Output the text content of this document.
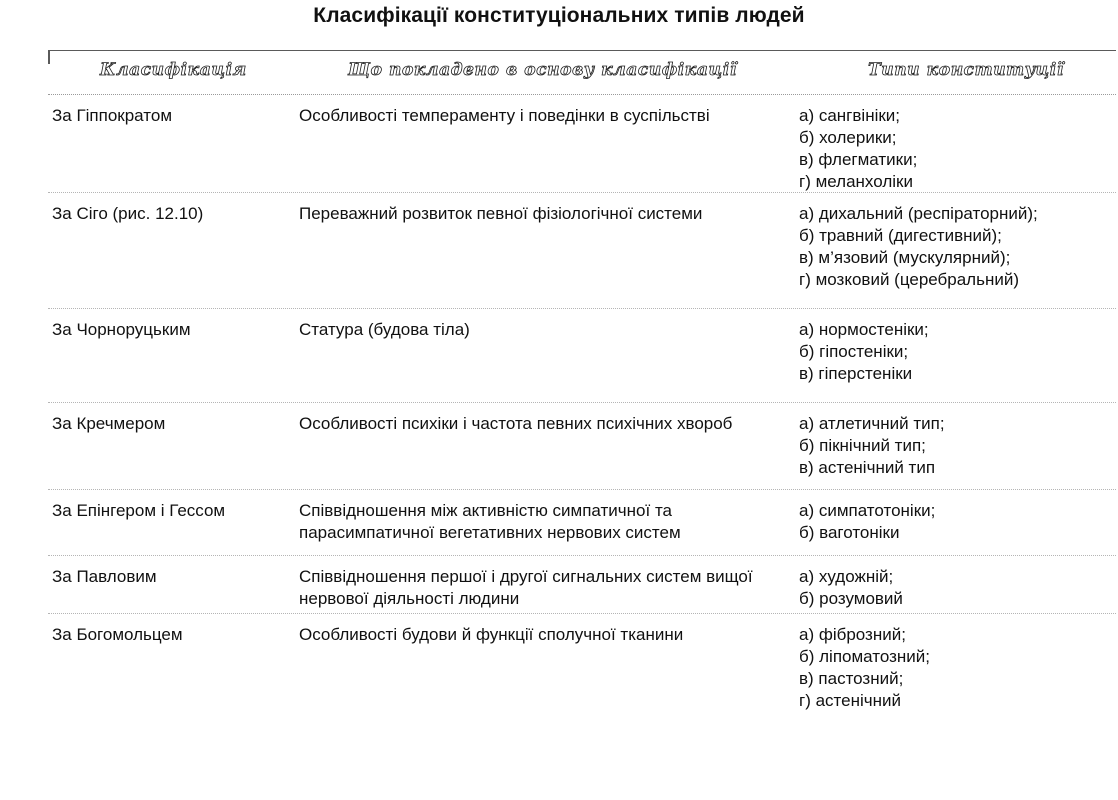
Класифікації конституціональних типів людей
Класифікація	Що покладено в основу класифікації	Типи конституції
За Гіппократом	Особливості темпераменту і поведінки в суспільстві	а) сангвініки;
б) холерики;
в) флегматики;
г) меланхоліки
За Сіго (рис. 12.10)	Переважний розвиток певної фізіологічної системи	а) дихальний (респіраторний);
б) травний (дигестивний);
в) м’язовий (мускулярний);
г) мозковий (церебральний)
За Чорноруцьким	Статура (будова тіла)	а) нормостеніки;
б) гіпостеніки;
в) гіперстеніки
За Кречмером	Особливості психіки і частота певних психічних хвороб	а) атлетичний тип;
б) пікнічний тип;
в) астенічний тип
За Епінгером і Гессом	Співвідношення між активністю симпатичної та парасимпатичної вегетативних нервових систем
а) симпатотоніки;
б) ваготоніки
За Павловим	Співвідношення першої і другої сигнальних систем вищої нервової діяльності людини
а) художній;
б) розумовий
За Богомольцем	Особливості будови й функції сполучної тканини	а) фіброзний;
б) ліпоматозний;
в) пастозний;
г) астенічний
